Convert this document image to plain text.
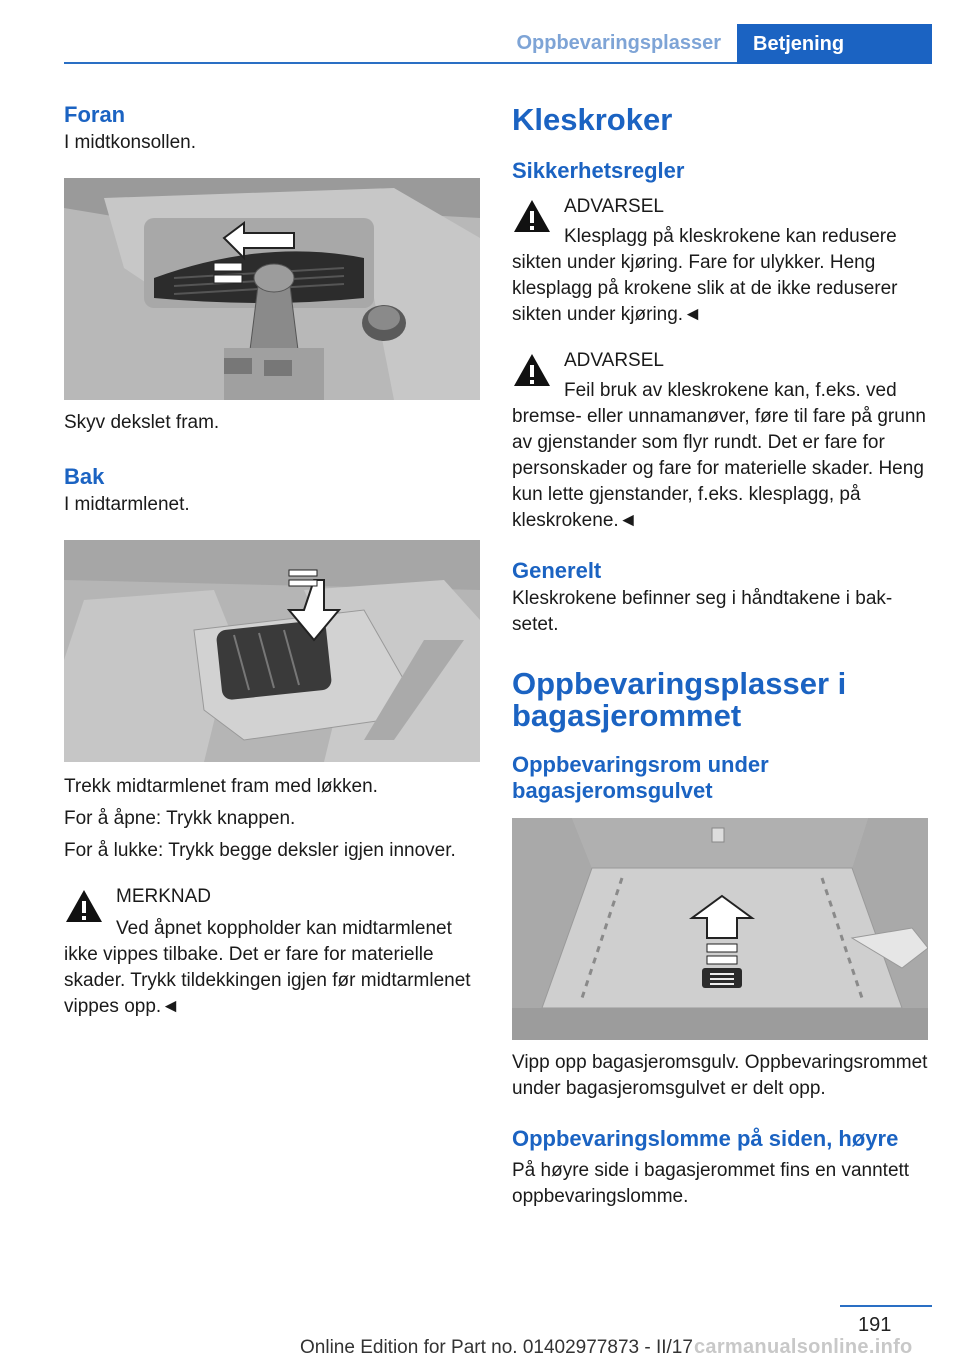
Oppbevaringsplasser	Betjening

Foran

I midtkonsollen.

Skyv dekslet fram.

Bak

I midtarmlenet.

Trekk midtarmlenet fram med løkken.

For å åpne: Trykk knappen.

For å lukke: Trykk begge deksler igjen innover.

MERKNAD
Ved åpnet koppholder kan midtarmlenet
ikke vippes tilbake. Det er fare for materielle skader. Trykk tildekkingen igjen før midtarmlenet vippes opp.◄

Kleskroker

Sikkerhetsregler

ADVARSEL
Klesplagg på kleskrokene kan redusere
sikten under kjøring. Fare for ulykker. Heng klesplagg på krokene slik at de ikke reduserer sikten under kjøring.◄
ADVARSEL
Feil bruk av kleskrokene kan, f.eks. ved
bremse- eller unnamanøver, føre til fare på grunn av gjenstander som flyr rundt. Det er fare for personskader og fare for materielle skader. Heng kun lette gjenstander, f.eks. klesplagg, på kleskrokene.◄

Generelt

Kleskrokene befinner seg i håndtakene i baksetet.

Oppbevaringsplasser i bagasjerommet

Oppbevaringsrom under bagasjeromsgulvet

Vipp opp bagasjeromsgulv. Oppbevaringsrommet under bagasjeromsgulvet er delt opp.

Oppbevaringslomme på siden, høyre

På høyre side i bagasjerommet fins en vanntett oppbevaringslomme.

191
Online Edition for Part no. 01402977873 - II/17 carmanualsonline.info
